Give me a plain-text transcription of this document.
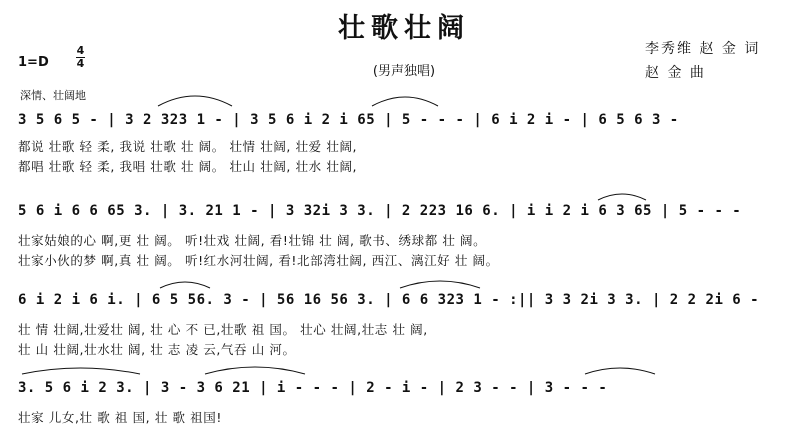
壮歌壮阔
(男声独唱)
1=D
4
4
李秀维 赵 金 词
赵 金 曲
深情、壮阔地
3 5 6 5 - | 3 2 323 1 - | 3 5 6 i 2 i 65 | 5 - - - | 6 i 2 i - | 6 5 6 3 -
都说 壮歌 轻 柔, 我说 壮歌 壮 阔。 壮情 壮阔, 壮爱 壮阔,
都唱 壮歌 轻 柔, 我唱 壮歌 壮 阔。 壮山 壮阔, 壮水 壮阔,
5 6 i 6 6 65 3. | 3. 21 1 - | 3 32i 3 3. | 2 223 16 6. | i i 2 i 6 3 65 | 5 - - -
壮家姑娘的心 啊,更 壮 阔。 听!壮戏 壮阔, 看!壮锦 壮 阔, 歌书、绣球都 壮 阔。
壮家小伙的梦 啊,真 壮 阔。 听!红水河壮阔, 看!北部湾壮阔, 西江、漓江好 壮 阔。
6 i 2 i 6 i. | 6 5 56. 3 - | 56 16 56 3. | 6 6 323 1 - :|| 3 3 2i 3 3. | 2 2 2i 6 -
壮 情 壮阔,壮爱壮 阔, 壮 心 不 已,壮歌 祖 国。 壮心 壮阔,壮志 壮 阔,
壮 山 壮阔,壮水壮 阔, 壮 志 凌 云,气吞 山 河。
3. 5 6 i 2 3. | 3 - 3 6 21 | i - - - | 2 - i - | 2 3 - - | 3 - - -
壮家 儿女,壮 歌 祖 国, 壮 歌 祖国!
